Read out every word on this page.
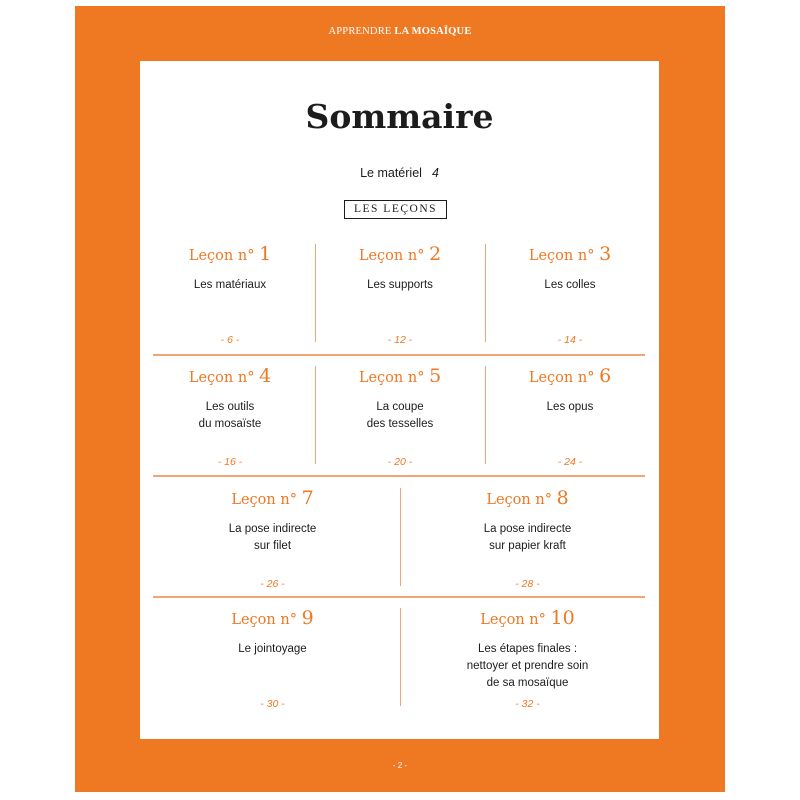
APPRENDRE LA MOSAÏQUE
Sommaire
Le matériel 4
LES LEÇONS
Leçon n° 1
Les matériaux
- 6 -
Leçon n° 2
Les supports
- 12 -
Leçon n° 3
Les colles
- 14 -
Leçon n° 4
Les outils
du mosaïste
- 16 -
Leçon n° 5
La coupe
des tesselles
- 20 -
Leçon n° 6
Les opus
- 24 -
Leçon n° 7
La pose indirecte
sur filet
- 26 -
Leçon n° 8
La pose indirecte
sur papier kraft
- 28 -
Leçon n° 9
Le jointoyage
- 30 -
Leçon n° 10
Les étapes finales :
nettoyer et prendre soin
de sa mosaïque
- 32 -
- 2 -
